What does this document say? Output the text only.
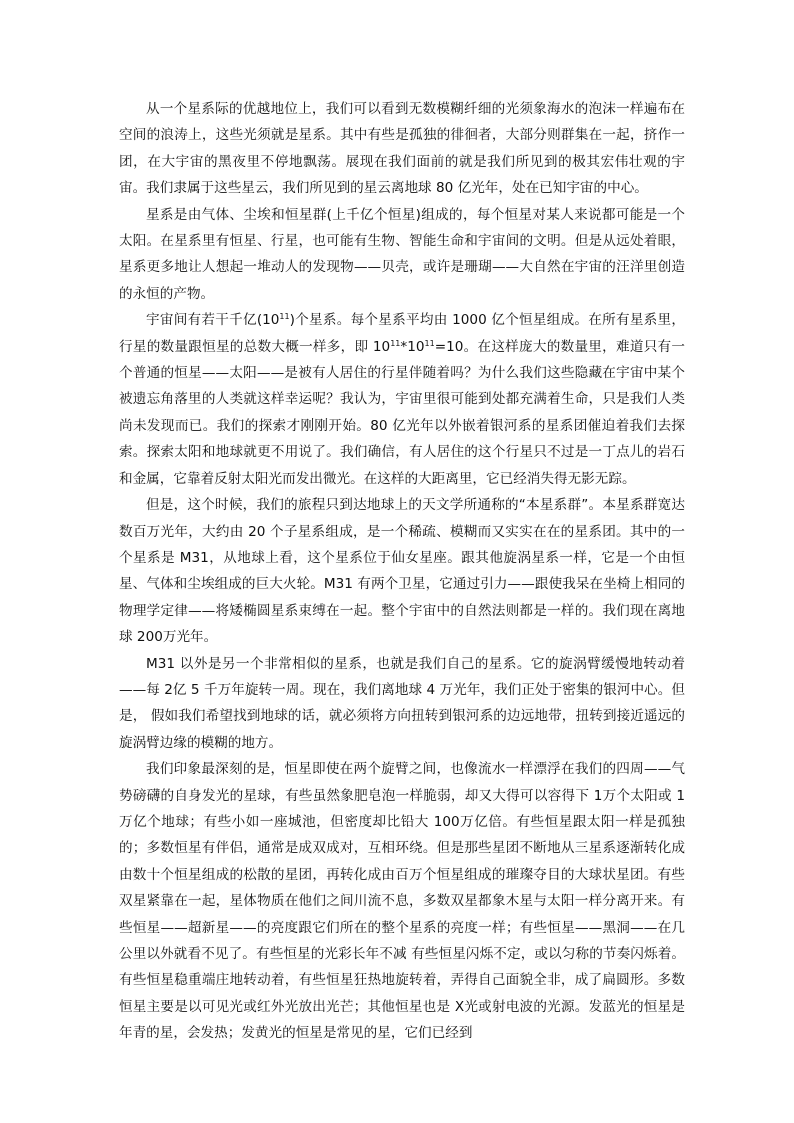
从一个星系际的优越地位上，我们可以看到无数模糊纤细的光须象海水的泡沫一样遍布在空间的浪涛上，这些光须就是星系。其中有些是孤独的徘徊者，大部分则群集在一起，挤作一团，在大宇宙的黑夜里不停地飘荡。展现在我们面前的就是我们所见到的极其宏伟壮观的宇宙。我们隶属于这些星云，我们所见到的星云离地球 80 亿光年，处在已知宇宙的中心。

星系是由气体、尘埃和恒星群(上千亿个恒星)组成的，每个恒星对某人来说都可能是一个太阳。在星系里有恒星、行星，也可能有生物、智能生命和宇宙间的文明。但是从远处着眼，星系更多地让人想起一堆动人的发现物——贝壳，或许是珊瑚——大自然在宇宙的汪洋里创造的永恒的产物。

宇宙间有若干千亿$(10^{11})$个星系。每个星系平均由 1000 亿个恒星组成。在所有星系里，行星的数量跟恒星的总数大概一样多，即 $10^{11}*10^{11}=10$。在这样庞大的数量里，难道只有一个普通的恒星——太阳——是被有人居住的行星伴随着吗？为什么我们这些隐藏在宇宙中某个被遗忘角落里的人类就这样幸运呢？我认为，宇宙里很可能到处都充满着生命，只是我们人类尚未发现而已。我们的探索才刚刚开始。80 亿光年以外嵌着银河系的星系团催迫着我们去探索。探索太阳和地球就更不用说了。我们确信，有人居住的这个行星只不过是一丁点儿的岩石和金属，它靠着反射太阳光而发出微光。在这样的大距离里，它已经消失得无影无踪。

但是，这个时候，我们的旅程只到达地球上的天文学所通称的“本星系群”。本星系群宽达数百万光年，大约由 20 个子星系组成，是一个稀疏、模糊而又实实在在的星系团。其中的一个星系是 M31，从地球上看，这个星系位于仙女星座。跟其他旋涡星系一样，它是一个由恒星、气体和尘埃组成的巨大火轮。M31 有两个卫星，它通过引力——跟使我呆在坐椅上相同的物理学定律——将矮椭圆星系束缚在一起。整个宇宙中的自然法则都是一样的。我们现在离地球 200万光年。

M31 以外是另一个非常相似的星系，也就是我们自己的星系。它的旋涡臂缓慢地转动着——每 2亿 5 千万年旋转一周。现在，我们离地球 4 万光年，我们正处于密集的银河中心。但是， 假如我们希望找到地球的话，就必须将方向扭转到银河系的边远地带，扭转到接近遥远的旋涡臂边缘的模糊的地方。

我们印象最深刻的是，恒星即使在两个旋臂之间，也像流水一样漂浮在我们的四周——气势磅礴的自身发光的星球，有些虽然象肥皂泡一样脆弱，却又大得可以容得下 1万个太阳或 1万亿个地球；有些小如一座城池，但密度却比铅大 100万亿倍。有些恒星跟太阳一样是孤独的；多数恒星有伴侣，通常是成双成对，互相环绕。但是那些星团不断地从三星系逐渐转化成由数十个恒星组成的松散的星团，再转化成由百万个恒星组成的璀璨夺目的大球状星团。有些双星紧靠在一起，星体物质在他们之间川流不息，多数双星都象木星与太阳一样分离开来。有些恒星——超新星——的亮度跟它们所在的整个星系的亮度一样；有些恒星——黑洞——在几公里以外就看不见了。有些恒星的光彩长年不减 有些恒星闪烁不定，或以匀称的节奏闪烁着。有些恒星稳重端庄地转动着，有些恒星狂热地旋转着，弄得自己面貌全非，成了扁圆形。多数恒星主要是以可见光或红外光放出光芒；其他恒星也是 X光或射电波的光源。发蓝光的恒星是年青的星，会发热；发黄光的恒星是常见的星，它们已经到
